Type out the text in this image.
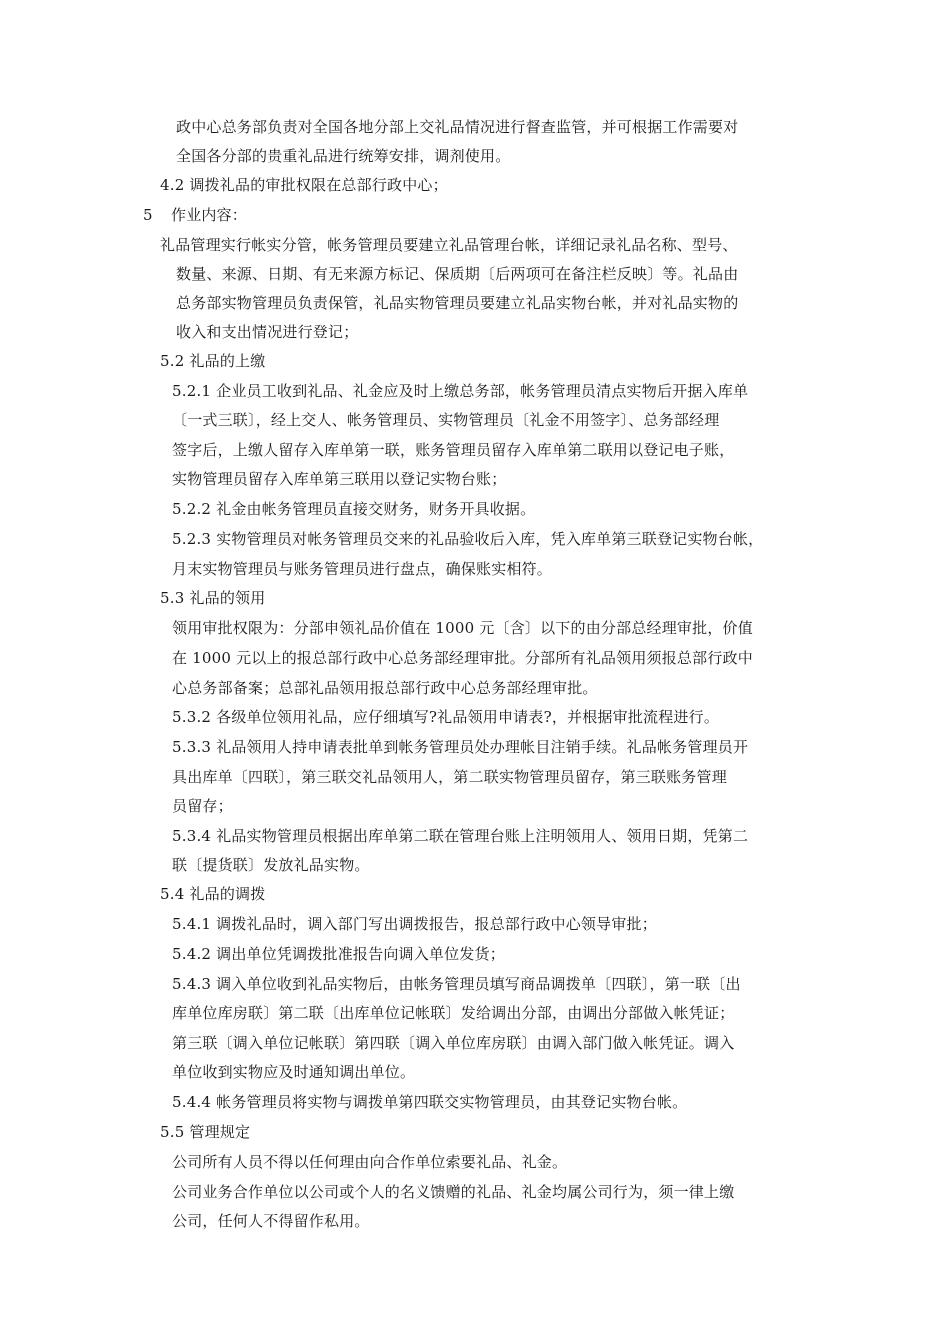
政中心总务部负责对全国各地分部上交礼品情况进行督查监管，并可根据工作需要对
全国各分部的贵重礼品进行统筹安排，调剂使用。
4.2 调拨礼品的审批权限在总部行政中心；
5 作业内容：
礼品管理实行帐实分管，帐务管理员要建立礼品管理台帐，详细记录礼品名称、型号、
数量、来源、日期、有无来源方标记、保质期〔后两项可在备注栏反映〕等。礼品由
总务部实物管理员负责保管，礼品实物管理员要建立礼品实物台帐，并对礼品实物的
收入和支出情况进行登记；
5.2 礼品的上缴
5.2.1 企业员工收到礼品、礼金应及时上缴总务部，帐务管理员清点实物后开据入库单
〔一式三联〕，经上交人、帐务管理员、实物管理员〔礼金不用签字〕、总务部经理
签字后，上缴人留存入库单第一联，账务管理员留存入库单第二联用以登记电子账，
实物管理员留存入库单第三联用以登记实物台账；
5.2.2 礼金由帐务管理员直接交财务，财务开具收据。
5.2.3 实物管理员对帐务管理员交来的礼品验收后入库，凭入库单第三联登记实物台帐，
月末实物管理员与账务管理员进行盘点，确保账实相符。
5.3 礼品的领用
领用审批权限为：分部申领礼品价值在 1000 元〔含〕以下的由分部总经理审批，价值
在 1000 元以上的报总部行政中心总务部经理审批。分部所有礼品领用须报总部行政中
心总务部备案；总部礼品领用报总部行政中心总务部经理审批。
5.3.2 各级单位领用礼品，应仔细填写?礼品领用申请表?，并根据审批流程进行。
5.3.3 礼品领用人持申请表批单到帐务管理员处办理帐目注销手续。礼品帐务管理员开
具出库单〔四联〕，第三联交礼品领用人，第二联实物管理员留存，第三联账务管理
员留存；
5.3.4 礼品实物管理员根据出库单第二联在管理台账上注明领用人、领用日期，凭第二
联〔提货联〕发放礼品实物。
5.4 礼品的调拨
5.4.1 调拨礼品时，调入部门写出调拨报告，报总部行政中心领导审批；
5.4.2 调出单位凭调拨批准报告向调入单位发货；
5.4.3 调入单位收到礼品实物后，由帐务管理员填写商品调拨单〔四联〕，第一联〔出
库单位库房联〕第二联〔出库单位记帐联〕发给调出分部，由调出分部做入帐凭证；
第三联〔调入单位记帐联〕第四联〔调入单位库房联〕由调入部门做入帐凭证。调入
单位收到实物应及时通知调出单位。
5.4.4 帐务管理员将实物与调拨单第四联交实物管理员，由其登记实物台帐。
5.5 管理规定
公司所有人员不得以任何理由向合作单位索要礼品、礼金。
公司业务合作单位以公司或个人的名义馈赠的礼品、礼金均属公司行为，须一律上缴
公司，任何人不得留作私用。
